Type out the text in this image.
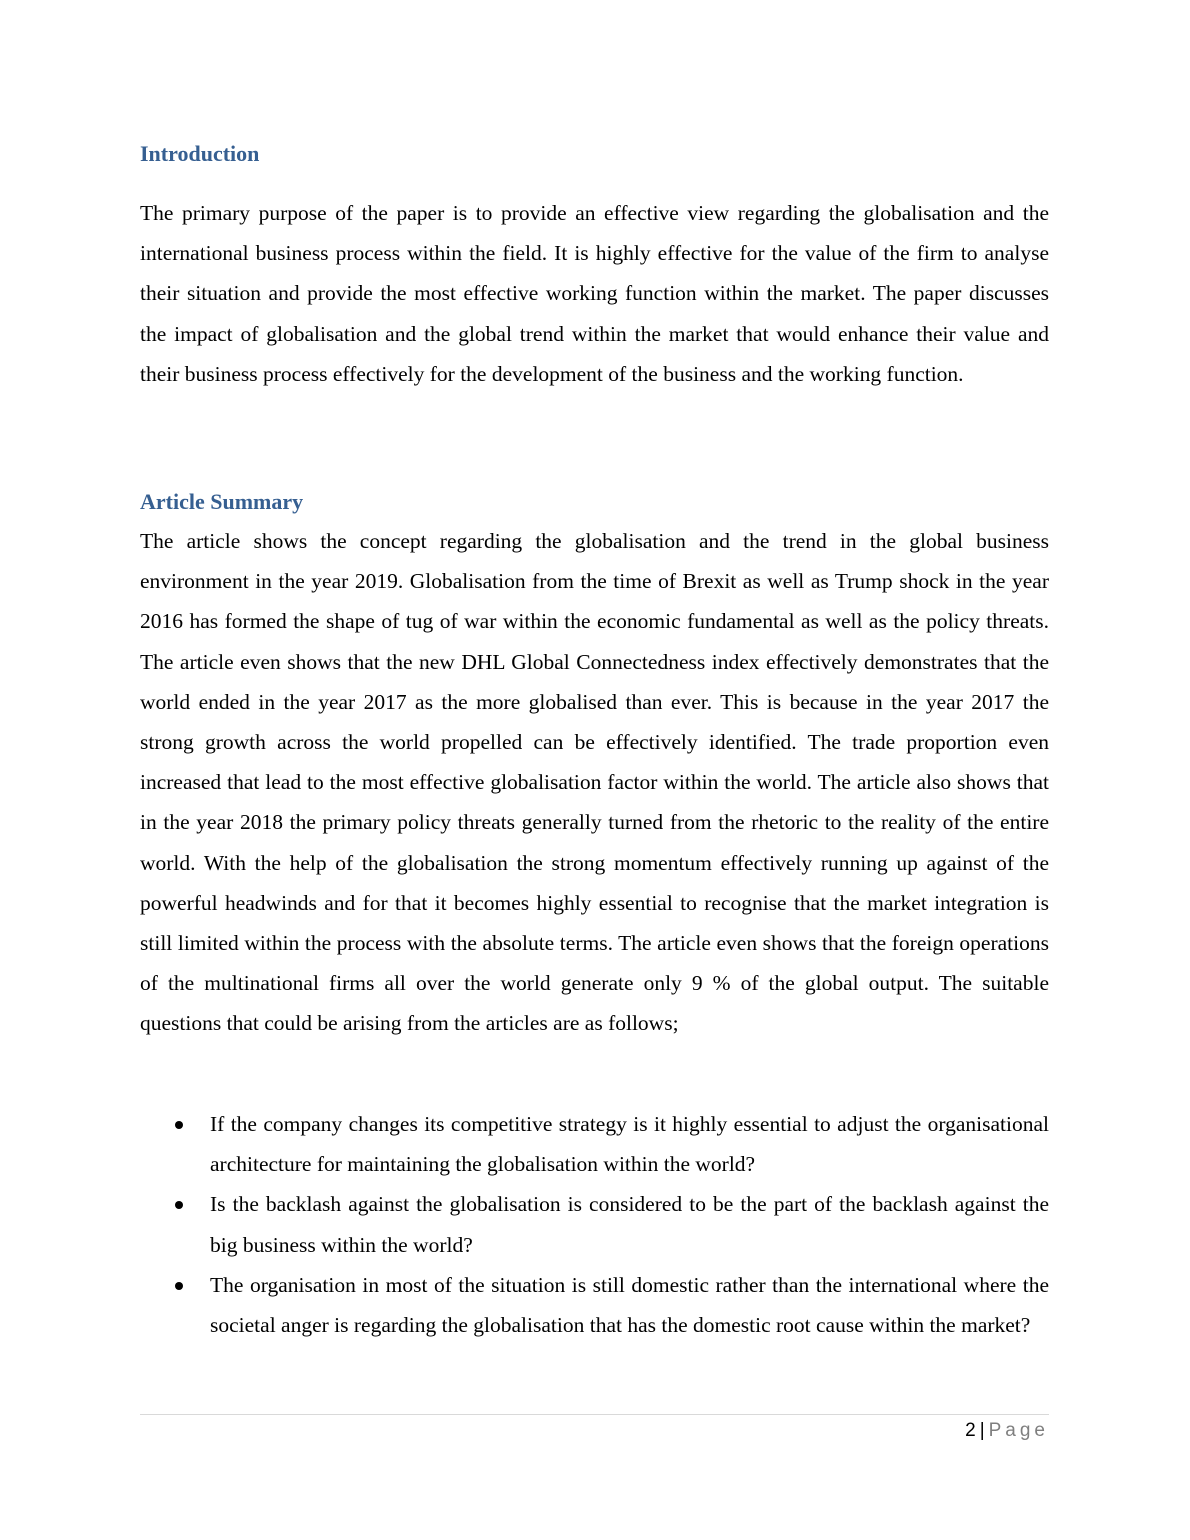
Introduction

The primary purpose of the paper is to provide an effective view regarding the globalisation and the international business process within the field. It is highly effective for the value of the firm to analyse their situation and provide the most effective working function within the market. The paper discusses the impact of globalisation and the global trend within the market that would enhance their value and their business process effectively for the development of the business and the working function.

Article Summary

The article shows the concept regarding the globalisation and the trend in the global business environment in the year 2019. Globalisation from the time of Brexit as well as Trump shock in the year 2016 has formed the shape of tug of war within the economic fundamental as well as the policy threats. The article even shows that the new DHL Global Connectedness index effectively demonstrates that the world ended in the year 2017 as the more globalised than ever. This is because in the year 2017 the strong growth across the world propelled can be effectively identified. The trade proportion even increased that lead to the most effective globalisation factor within the world. The article also shows that in the year 2018 the primary policy threats generally turned from the rhetoric to the reality of the entire world. With the help of the globalisation the strong momentum effectively running up against of the powerful headwinds and for that it becomes highly essential to recognise that the market integration is still limited within the process with the absolute terms. The article even shows that the foreign operations of the multinational firms all over the world generate only 9 % of the global output. The suitable questions that could be arising from the articles are as follows;

If the company changes its competitive strategy is it highly essential to adjust the organisational architecture for maintaining the globalisation within the world?
Is the backlash against the globalisation is considered to be the part of the backlash against the big business within the world?
The organisation in most of the situation is still domestic rather than the international where the societal anger is regarding the globalisation that has the domestic root cause within the market?
2 | Page
